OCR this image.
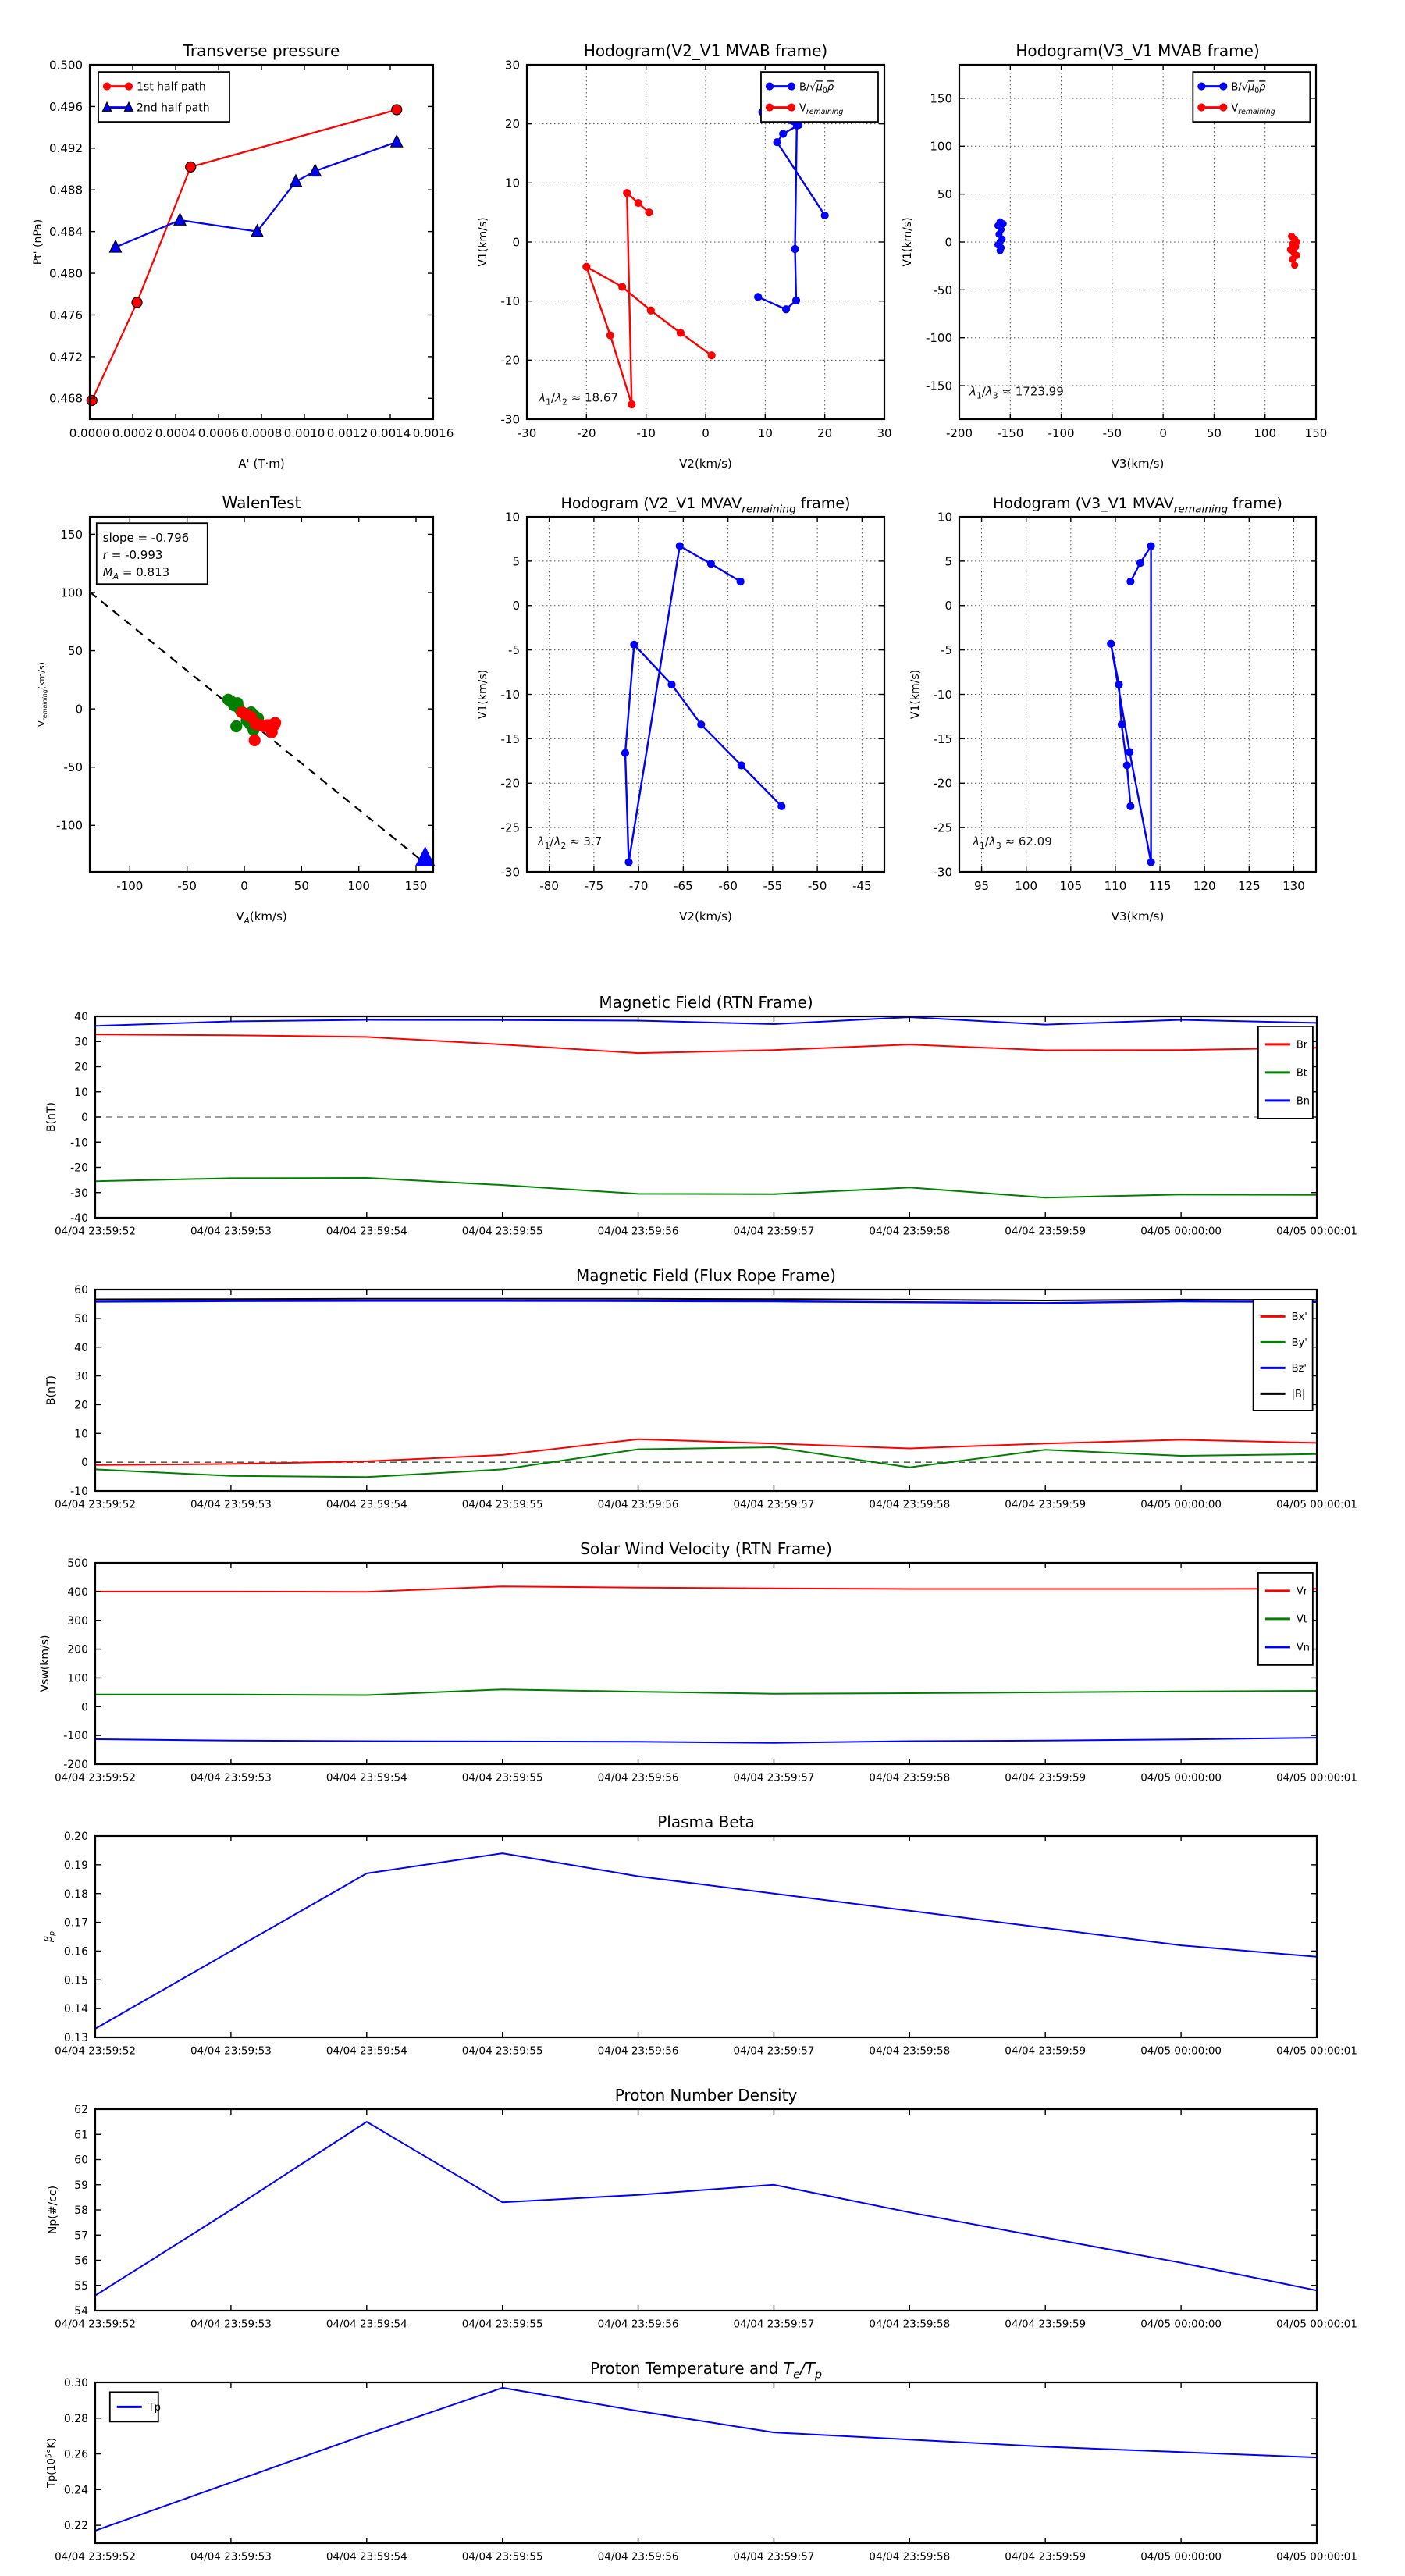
0.0000 0.0002 0.0004 0.0006 0.0008 0.0010 0.0012 0.0014 0.0016
0.468
0.472
0.476
0.480
0.484
0.488
0.492
0.496
0.500
Transverse pressure
A' (T·m)
Pt' (nPa)
1st half path
2nd half path
-30	-20	-10	0	10	20	30
-30
-20
-10
0
10
20
30
Hodogram(V2_V1 MVAB frame)
V2(km/s)
V1(km/s)
$B/√\mu_0\rho$
$V_{remaining}$
$\lambda_1/\lambda_2 \approx 18.67$
-200 -150 -100 -50	0	50	100 150
-150
-100
-50
0
50
100
150
Hodogram(V3_V1 MVAB frame)
V3(km/s)
V1(km/s)
$B/√\mu_0\rho$
$V_{remaining}$
$\lambda_1/\lambda_3 \approx 1723.99$
-100	-50	0	50	100	150
-100
-50
0
50
100
150
WalenTest
$V_A(km/s)$
$V_{remaining}(km/s)$
slope = -0.796
r = -0.993
$M_A = 0.813$
-80 -75 -70 -65 -60 -55 -50 -45
-30
-25
-20
-15
-10
-5
0
5
10
Hodogram (V2_V1 $MVAV_{remaining}$ frame)
V2(km/s)
V1(km/s)
$\lambda_1/\lambda_2 \approx 3.7$
95 100 105 110 115 120 125 130
-30
-25
-20
-15
-10
-5
0
5
10
Hodogram (V3_V1 $MVAV_{remaining}$ frame)
V3(km/s)
V1(km/s)
$\lambda_1/\lambda_3 \approx 62.09$
04/04 23:59:52	04/04 23:59:53	04/04 23:59:54	04/04 23:59:55	04/04 23:59:56	04/04 23:59:57	04/04 23:59:58	04/04 23:59:59	04/05 00:00:00	04/05 00:00:01
-40
-30
-20
-10
0
10
20
30
40
Magnetic Field (RTN Frame)
B(nT)
Br
Bt
Bn
04/04 23:59:52	04/04 23:59:53	04/04 23:59:54	04/04 23:59:55	04/04 23:59:56	04/04 23:59:57	04/04 23:59:58	04/04 23:59:59	04/05 00:00:00	04/05 00:00:01
-10
0
10
20
30
40
50
60
Magnetic Field (Flux Rope Frame)
B(nT)
Bx'
By'
Bz'
|B|
04/04 23:59:52	04/04 23:59:53	04/04 23:59:54	04/04 23:59:55	04/04 23:59:56	04/04 23:59:57	04/04 23:59:58	04/04 23:59:59	04/05 00:00:00	04/05 00:00:01
-200
-100
0
100
200
300
400
500
Solar Wind Velocity (RTN Frame)
Vsw(km/s)
Vr
Vt
Vn
04/04 23:59:52	04/04 23:59:53	04/04 23:59:54	04/04 23:59:55	04/04 23:59:56	04/04 23:59:57	04/04 23:59:58	04/04 23:59:59	04/05 00:00:00	04/05 00:00:01
0.13
0.14
0.15
0.16
0.17
0.18
0.19
0.20
Plasma Beta
$\beta_p$
04/04 23:59:52	04/04 23:59:53	04/04 23:59:54	04/04 23:59:55	04/04 23:59:56	04/04 23:59:57	04/04 23:59:58	04/04 23:59:59	04/05 00:00:00	04/05 00:00:01
54
55
56
57
58
59
60
61
62
Proton Number Density
Np(#/cc)
04/04 23:59:52	04/04 23:59:53	04/04 23:59:54	04/04 23:59:55	04/04 23:59:56	04/04 23:59:57	04/04 23:59:58	04/04 23:59:59	04/05 00:00:00	04/05 00:00:01
0.22
0.24
0.26
0.28
0.30
Proton Temperature and $T_e/T_p$
$Tp(10^5^\circ K)$
Tp
